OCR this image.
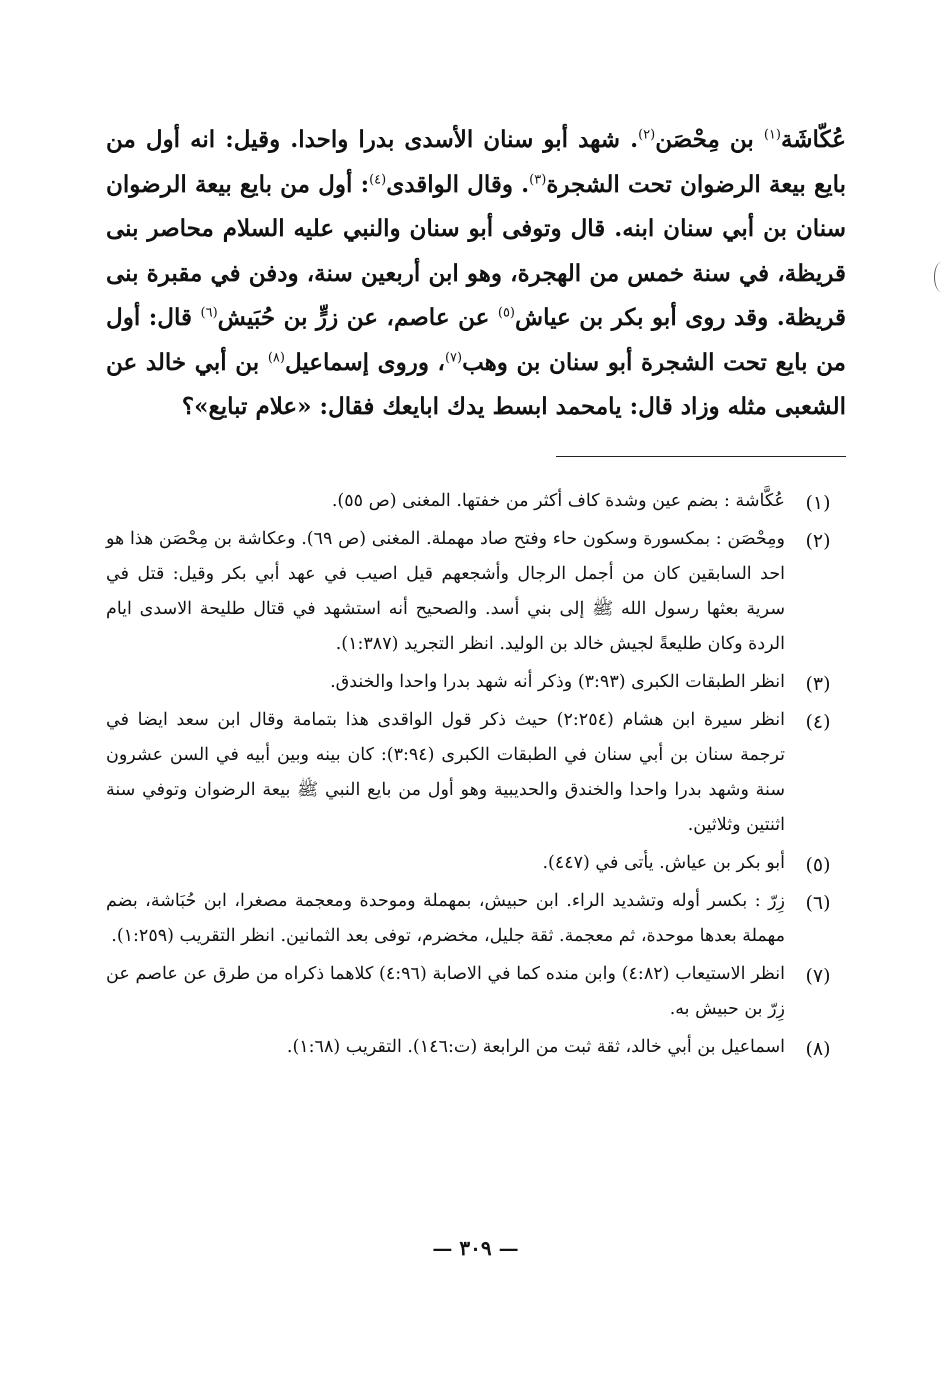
عُكّاشَة$^{(١)}$ بن مِحْصَن$^{(٢)}$. شهد أبو سنان الأسدى بدرا واحدا. وقيل: انه أول من بايع بيعة الرضوان تحت الشجرة$^{(٣)}$. وقال الواقدى$^{(٤)}$: أول من بايع بيعة الرضوان سنان بن أبي سنان ابنه. قال وتوفى أبو سنان والنبي عليه السلام محاصر بنى قريظة، في سنة خمس من الهجرة، وهو ابن أربعين سنة، ودفن في مقبرة بنى قريظة. وقد روى أبو بكر بن عياش$^{(٥)}$ عن عاصم، عن زرٍّ بن حُبَيش$^{(٦)}$ قال: أول من بايع تحت الشجرة أبو سنان بن وهب$^{(٧)}$، وروى إسماعيل$^{(٨)}$ بن أبي خالد عن الشعبى مثله وزاد قال: يامحمد ابسط يدك ابايعك فقال: «علام تبايع»؟

(١)
عُكَّاشة : بضم عين وشدة كاف أكثر من خفتها. المغنى (ص ٥٥).
(٢)
ومِحْصَن : بمكسورة وسكون حاء وفتح صاد مهملة. المغنى (ص ٦٩). وعكاشة بن مِحْصَن هذا هو احد السابقين كان من أجمل الرجال وأشجعهم قيل اصيب في عهد أبي بكر وقيل: قتل في سرية بعثها رسول الله ﷺ إلى بني أسد. والصحيح أنه استشهد في قتال طليحة الاسدى ايام الردة وكان طليعةً لجيش خالد بن الوليد. انظر التجريد (١:٣٨٧).
(٣)
انظر الطبقات الكبرى (٣:٩٣) وذكر أنه شهد بدرا واحدا والخندق.
(٤)
انظر سيرة ابن هشام (٢:٢٥٤) حيث ذكر قول الواقدى هذا بتمامة وقال ابن سعد ايضا في ترجمة سنان بن أبي سنان في الطبقات الكبرى (٣:٩٤): كان بينه وبين أبيه في السن عشرون سنة وشهد بدرا واحدا والخندق والحديبية وهو أول من بايع النبي ﷺ بيعة الرضوان وتوفي سنة اثنتين وثلاثين.
(٥)
أبو بكر بن عياش. يأتى في (٤٤٧).
(٦)
زِرّ : بكسر أوله وتشديد الراء. ابن حبيش، بمهملة وموحدة ومعجمة مصغرا، ابن حُبَاشة، بضم مهملة بعدها موحدة، ثم معجمة. ثقة جليل، مخضرم، توفى بعد الثمانين. انظر التقريب (١:٢٥٩).
(٧)
انظر الاستيعاب (٤:٨٢) وابن منده كما في الاصابة (٤:٩٦) كلاهما ذكراه من طرق عن عاصم عن زِرّ بن حبيش به.
(٨)
اسماعيل بن أبي خالد، ثقة ثبت من الرابعة (ت:١٤٦). التقريب (١:٦٨).
— ٣٠٩ —
